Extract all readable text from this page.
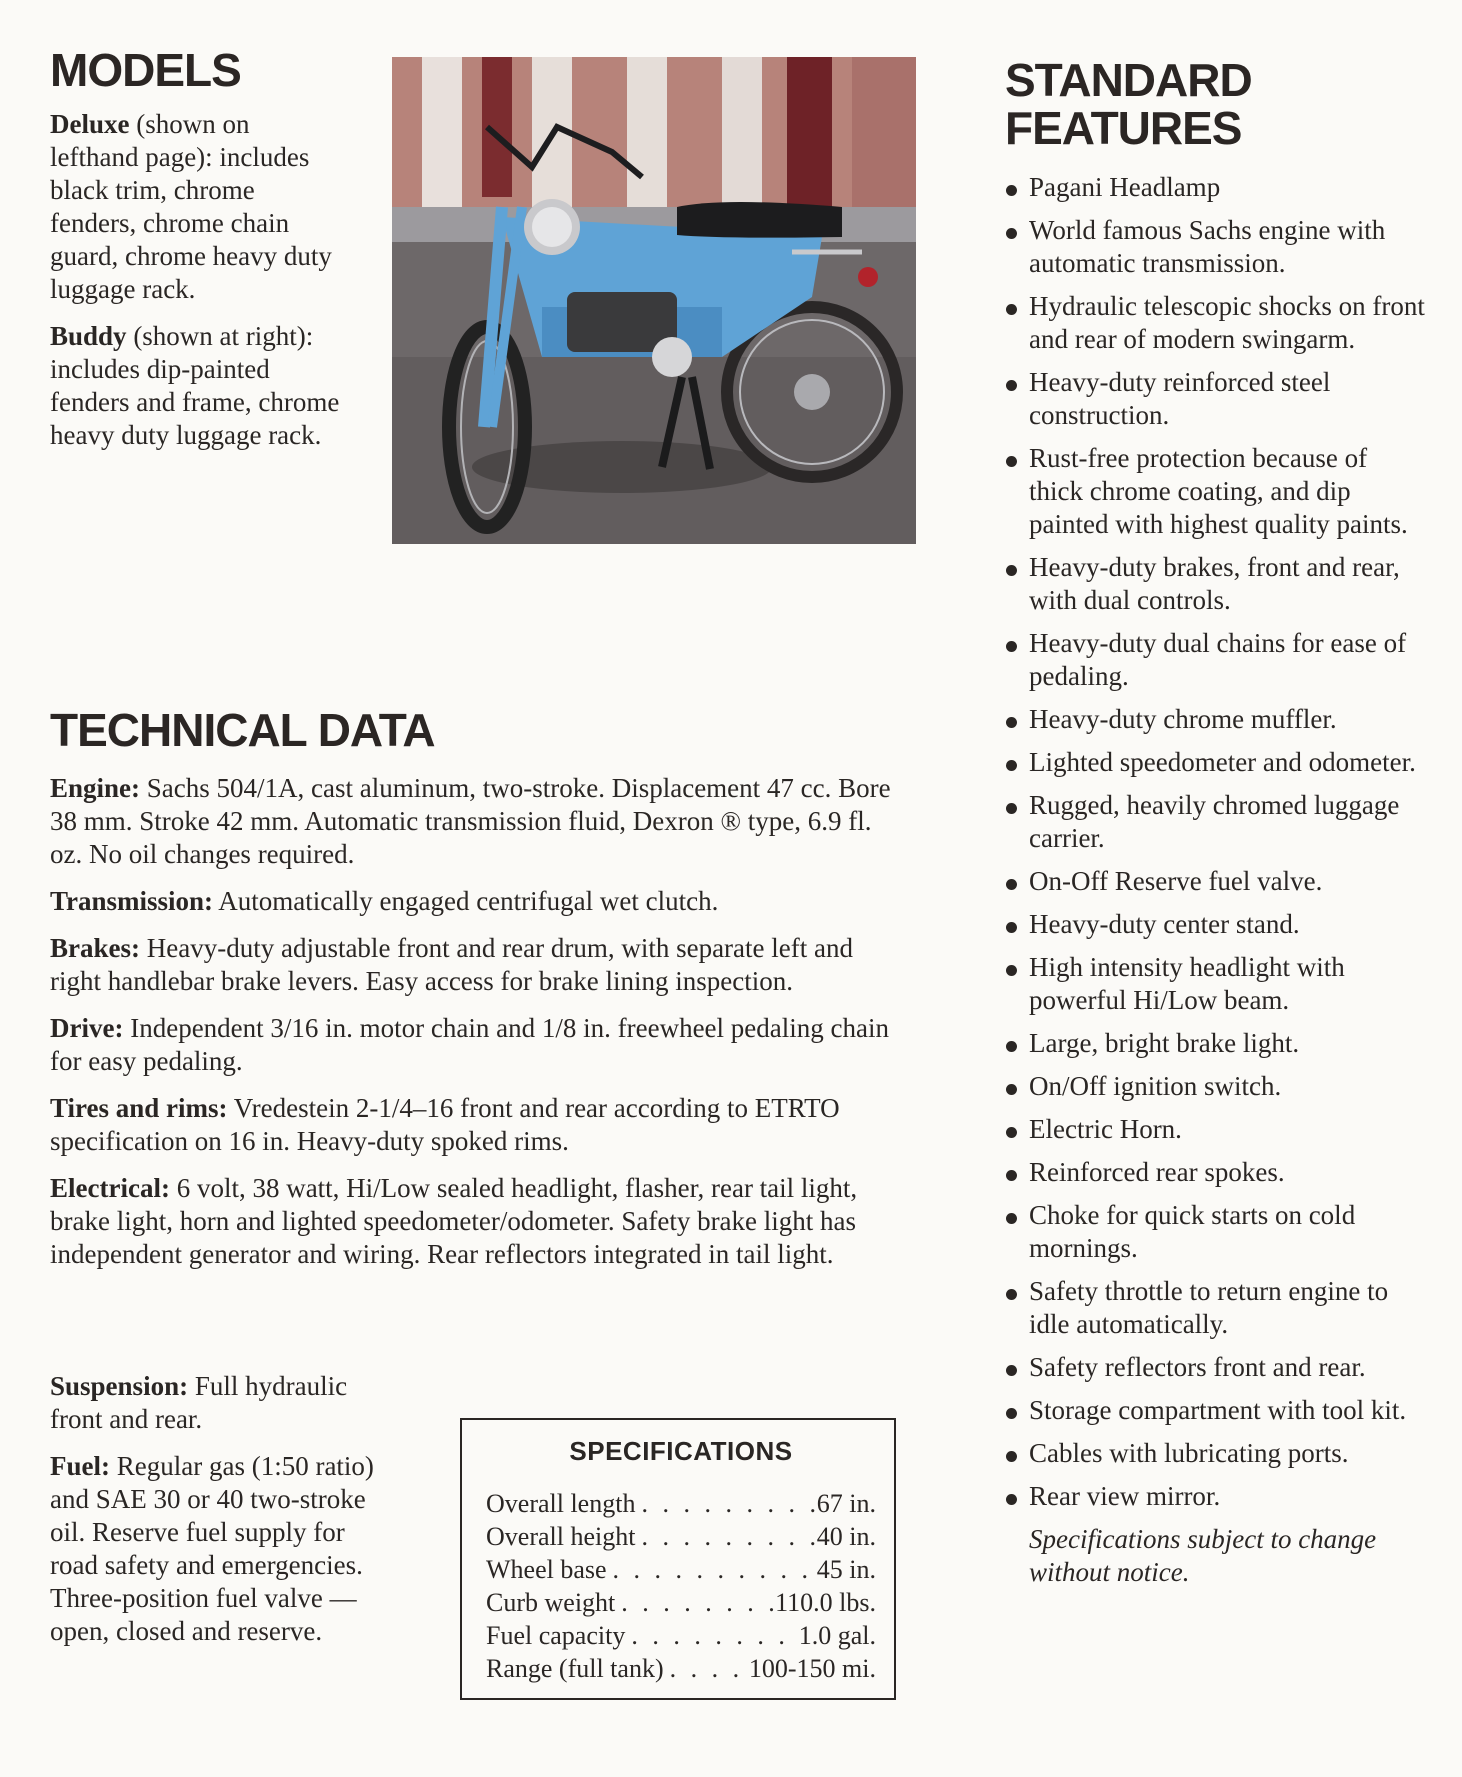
MODELS

Deluxe (shown on lefthand page): includes black trim, chrome fenders, chrome chain guard, chrome heavy duty luggage rack.

Buddy (shown at right): includes dip-painted fenders and frame, chrome heavy duty luggage rack.

TECHNICAL DATA

Engine: Sachs 504/1A, cast aluminum, two-stroke. Displacement 47 cc. Bore 38 mm. Stroke 42 mm. Automatic transmission fluid, Dexron ® type, 6.9 fl. oz. No oil changes required.

Transmission: Automatically engaged centrifugal wet clutch.

Brakes: Heavy-duty adjustable front and rear drum, with separate left and right handlebar brake levers. Easy access for brake lining inspection.

Drive: Independent 3/16 in. motor chain and 1/8 in. freewheel pedaling chain for easy pedaling.

Tires and rims: Vredestein 2-1/4–16 front and rear according to ETRTO specification on 16 in. Heavy-duty spoked rims.

Electrical: 6 volt, 38 watt, Hi/Low sealed headlight, flasher, rear tail light, brake light, horn and lighted speedometer/odometer. Safety brake light has independent generator and wiring. Rear reflectors integrated in tail light.

Suspension: Full hydraulic front and rear.

Fuel: Regular gas (1:50 ratio) and SAE 30 or 40 two-stroke oil. Reserve fuel supply for road safety and emergencies. Three-position fuel valve — open, closed and reserve.

SPECIFICATIONS
Overall length . . .	67 in.
Overall height . . .	40 in.
Wheel base . . .	45 in.
Curb weight . . .	110.0 lbs.
Fuel capacity . . .	1.0 gal.
Range (full tank) . . .	100-150 mi.
STANDARD
FEATURES
Pagani Headlamp
World famous Sachs engine with automatic transmission.
Hydraulic telescopic shocks on front and rear of modern swingarm.
Heavy-duty reinforced steel construction.
Rust-free protection because of thick chrome coating, and dip painted with highest quality paints.
Heavy-duty brakes, front and rear, with dual controls.
Heavy-duty dual chains for ease of pedaling.
Heavy-duty chrome muffler.
Lighted speedometer and odometer.
Rugged, heavily chromed luggage carrier.
On-Off Reserve fuel valve.
Heavy-duty center stand.
High intensity headlight with powerful Hi/Low beam.
Large, bright brake light.
On/Off ignition switch.
Electric Horn.
Reinforced rear spokes.
Choke for quick starts on cold mornings.
Safety throttle to return engine to idle automatically.
Safety reflectors front and rear.
Storage compartment with tool kit.
Cables with lubricating ports.
Rear view mirror.

Specifications subject to change without notice.
